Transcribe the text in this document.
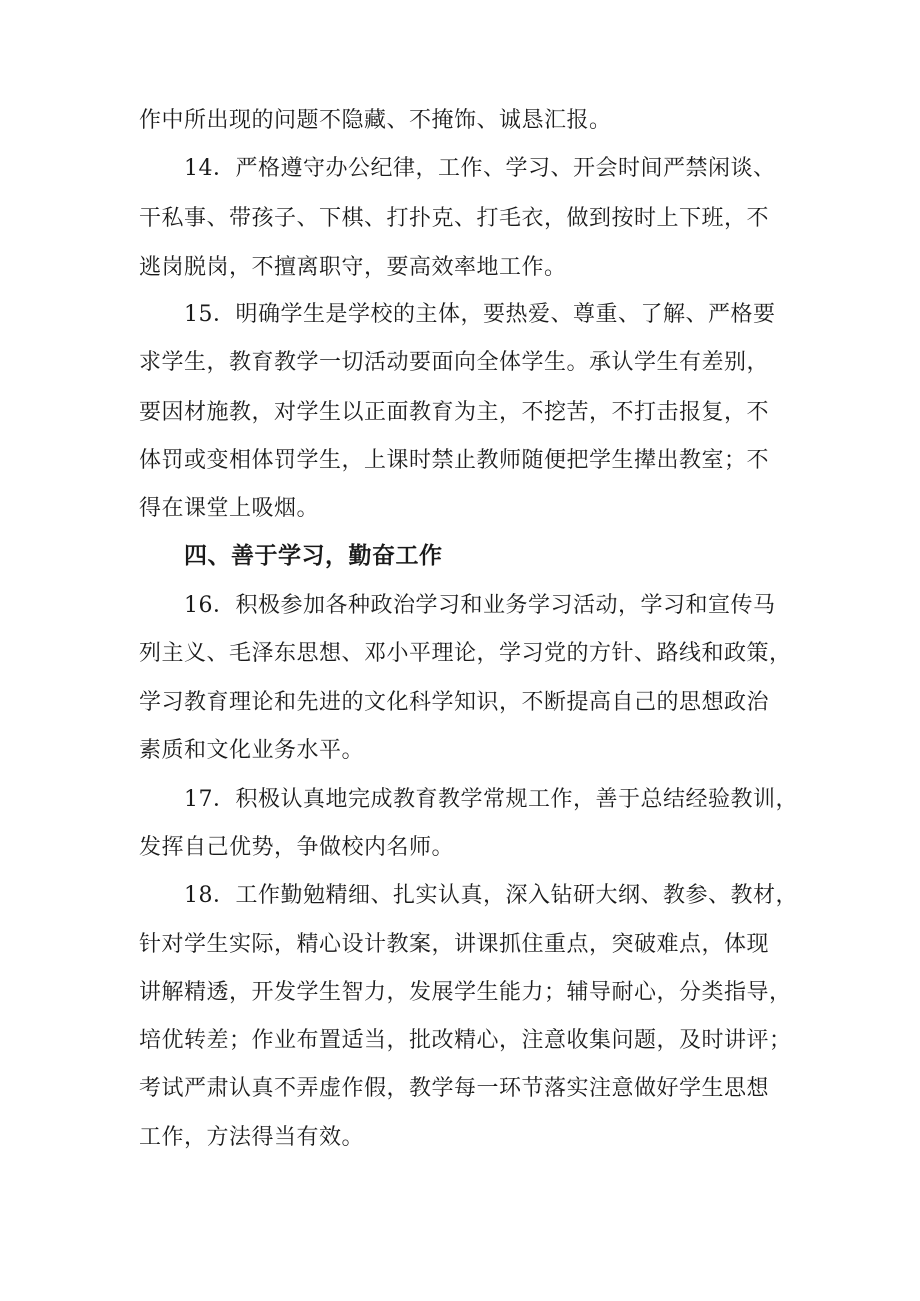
作中所出现的问题不隐藏、不掩饰、诚恳汇报。
14．严格遵守办公纪律，工作、学习、开会时间严禁闲谈、
干私事、带孩子、下棋、打扑克、打毛衣，做到按时上下班，不
逃岗脱岗，不擅离职守，要高效率地工作。
15．明确学生是学校的主体，要热爱、尊重、了解、严格要
求学生，教育教学一切活动要面向全体学生。承认学生有差别，
要因材施教，对学生以正面教育为主，不挖苦，不打击报复，不
体罚或变相体罚学生，上课时禁止教师随便把学生撵出教室；不
得在课堂上吸烟。
四、善于学习，勤奋工作
16．积极参加各种政治学习和业务学习活动，学习和宣传马
列主义、毛泽东思想、邓小平理论，学习党的方针、路线和政策，
学习教育理论和先进的文化科学知识，不断提高自己的思想政治
素质和文化业务水平。
17．积极认真地完成教育教学常规工作，善于总结经验教训，
发挥自己优势，争做校内名师。
18．工作勤勉精细、扎实认真，深入钻研大纲、教参、教材，
针对学生实际，精心设计教案，讲课抓住重点，突破难点，体现
讲解精透，开发学生智力，发展学生能力；辅导耐心，分类指导，
培优转差；作业布置适当，批改精心，注意收集问题，及时讲评；
考试严肃认真不弄虚作假，教学每一环节落实注意做好学生思想
工作，方法得当有效。
